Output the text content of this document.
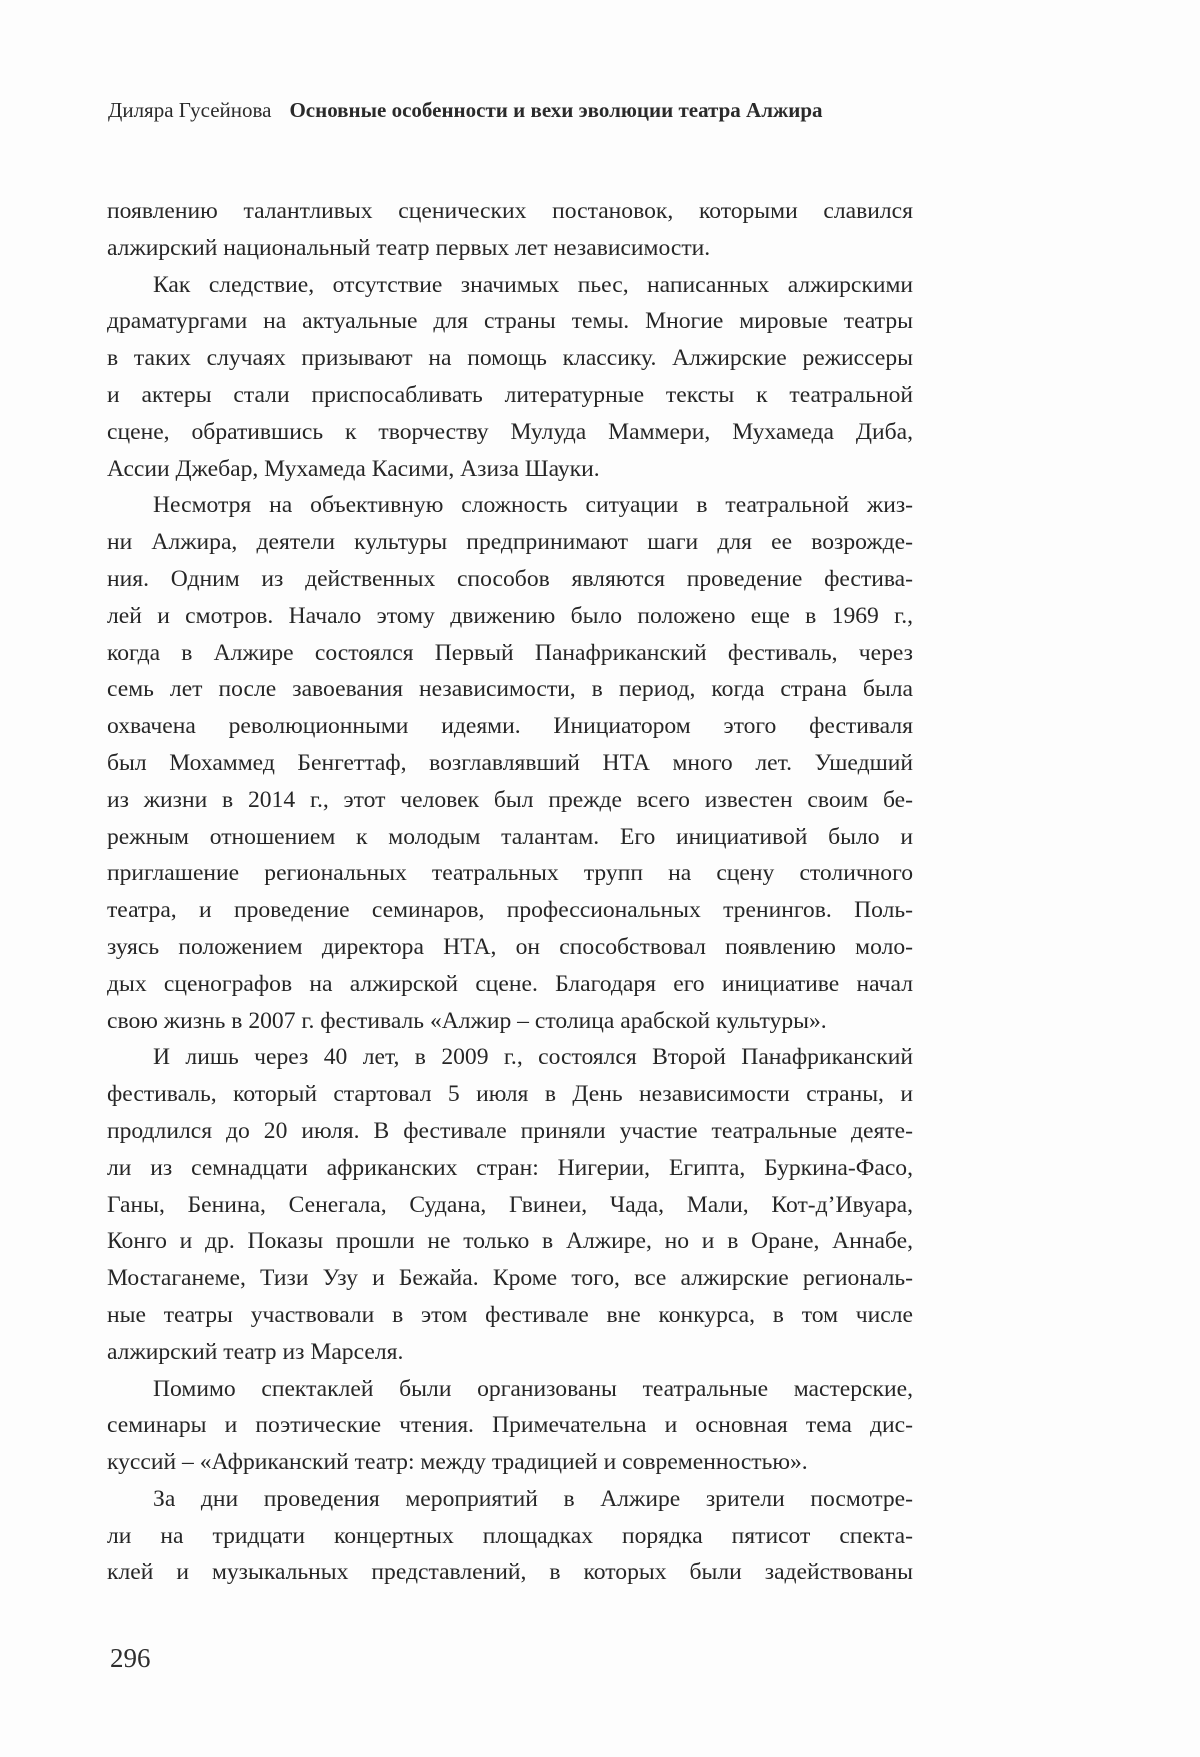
Диляра Гусейнова Основные особенности и вехи эволюции театра Алжира
появлению талантливых сценических постановок, которыми славился
алжирский национальный театр первых лет независимости.
Как следствие, отсутствие значимых пьес, написанных алжирскими
драматургами на актуальные для страны темы. Многие мировые театры
в таких случаях призывают на помощь классику. Алжирские режиссеры
и актеры стали приспосабливать литературные тексты к театральной
сцене, обратившись к творчеству Мулуда Маммери, Мухамеда Диба,
Ассии Джебар, Мухамеда Касими, Азиза Шауки.
Несмотря на объективную сложность ситуации в театральной жиз-
ни Алжира, деятели культуры предпринимают шаги для ее возрожде-
ния. Одним из действенных способов являются проведение фестива-
лей и смотров. Начало этому движению было положено еще в 1969 г.,
когда в Алжире состоялся Первый Панафриканский фестиваль, через
семь лет после завоевания независимости, в период, когда страна была
охвачена революционными идеями. Инициатором этого фестиваля
был Мохаммед Бенгеттаф, возглавлявший НТА много лет. Ушедший
из жизни в 2014 г., этот человек был прежде всего известен своим бе-
режным отношением к молодым талантам. Его инициативой было и
приглашение региональных театральных трупп на сцену столичного
театра, и проведение семинаров, профессиональных тренингов. Поль-
зуясь положением директора НТА, он способствовал появлению моло-
дых сценографов на алжирской сцене. Благодаря его инициативе начал
свою жизнь в 2007 г. фестиваль «Алжир – столица арабской культуры».
И лишь через 40 лет, в 2009 г., состоялся Второй Панафриканский
фестиваль, который стартовал 5 июля в День независимости страны, и
продлился до 20 июля. В фестивале приняли участие театральные деяте-
ли из семнадцати африканских стран: Нигерии, Египта, Буркина-Фасо,
Ганы, Бенина, Сенегала, Судана, Гвинеи, Чада, Мали, Кот-д’Ивуара,
Конго и др. Показы прошли не только в Алжире, но и в Оране, Аннабе,
Мостаганеме, Тизи Узу и Бежайа. Кроме того, все алжирские региональ-
ные театры участвовали в этом фестивале вне конкурса, в том числе
алжирский театр из Марселя.
Помимо спектаклей были организованы театральные мастерские,
семинары и поэтические чтения. Примечательна и основная тема дис-
куссий – «Африканский театр: между традицией и современностью».
За дни проведения мероприятий в Алжире зрители посмотре-
ли на тридцати концертных площадках порядка пятисот спекта-
клей и музыкальных представлений, в которых были задействованы
296
